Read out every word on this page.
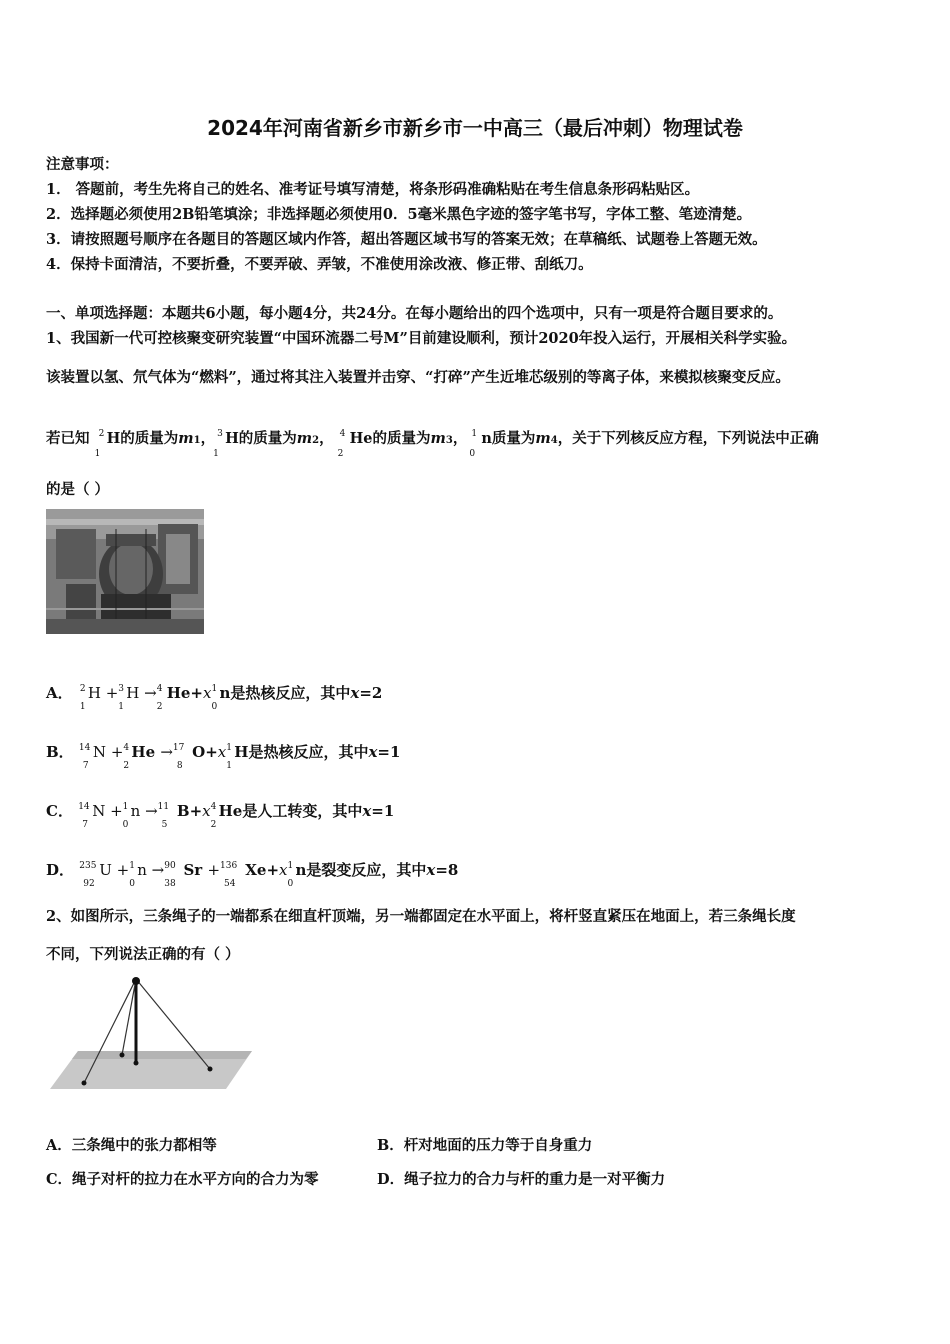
2024年河南省新乡市新乡市一中高三（最后冲刺）物理试卷
注意事项：
1． 答题前，考生先将自己的姓名、准考证号填写清楚，将条形码准确粘贴在考生信息条形码粘贴区。
2．选择题必须使用2B铅笔填涂；非选择题必须使用0．5毫米黑色字迹的签字笔书写，字体工整、笔迹清楚。
3．请按照题号顺序在各题目的答题区域内作答，超出答题区域书写的答案无效；在草稿纸、试题卷上答题无效。
4．保持卡面清洁，不要折叠，不要弄破、弄皱，不准使用涂改液、修正带、刮纸刀。
一、单项选择题：本题共6小题，每小题4分，共24分。在每小题给出的四个选项中，只有一项是符合题目要求的。
1、我国新一代可控核聚变研究装置“中国环流器二号M”目前建设顺利，预计2020年投入运行，开展相关科学实验。
该装置以氢、氘气体为“燃料”，通过将其注入装置并击穿、“打碎”产生近堆芯级别的等离子体，来模拟核聚变反应。
若已知 2
1
H的质量为m1， 3
1
H的质量为m2， 4
2
He的质量为m3， 1
0
n质量为m4，关于下列核反应方程，下列说法中正确
的是（ ）
A． 2
1
H + 3
1
H → 4
2
He+x 1
0
n是热核反应，其中x=2
B． 14
7
N + 4
2
He → 17
8
O+x 1
1
H是热核反应，其中x=1
C． 14
7
N + 1
0
n → 11
5
B+x 4
2
He是人工转变，其中x=1
D． 235
92
U + 1
0
n → 90
38
Sr + 136
54
Xe+x 1
0
n是裂变反应，其中x=8
2、如图所示，三条绳子的一端都系在细直杆顶端，另一端都固定在水平面上，将杆竖直紧压在地面上，若三条绳长度
不同，下列说法正确的有（ ）
A．三条绳中的张力都相等	B．杆对地面的压力等于自身重力
C．绳子对杆的拉力在水平方向的合力为零	D．绳子拉力的合力与杆的重力是一对平衡力
